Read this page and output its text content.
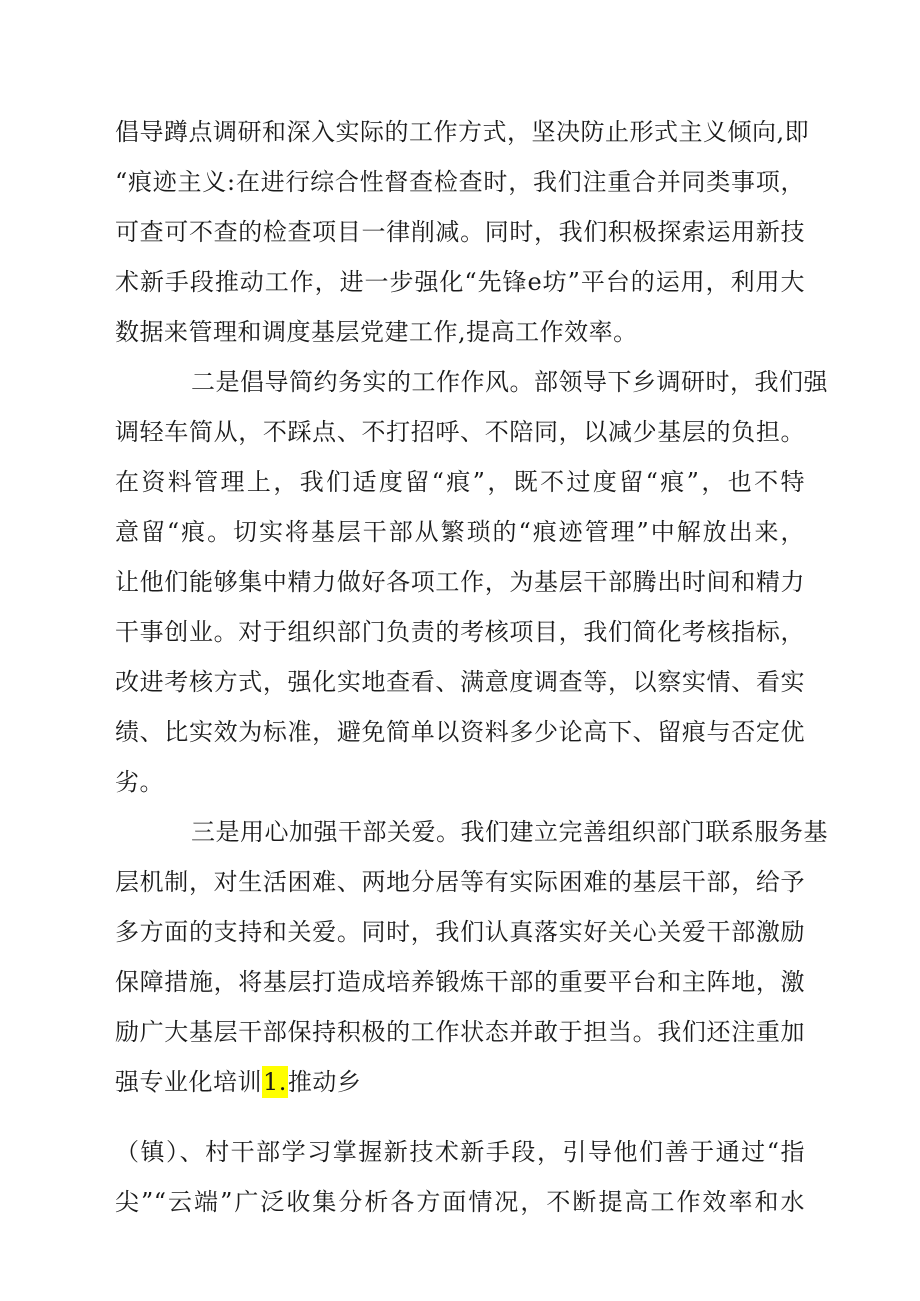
倡导蹲点调研和深入实际的工作方式，坚决防止形式主义倾向,即
“痕迹主义:在进行综合性督查检查时，我们注重合并同类事项，
可查可不查的检查项目一律削减。同时，我们积极探索运用新技
术新手段推动工作，进一步强化“先锋e坊”平台的运用，利用大
数据来管理和调度基层党建工作,提高工作效率。
二是倡导简约务实的工作作风。部领导下乡调研时，我们强
调轻车简从，不踩点、不打招呼、不陪同，以减少基层的负担。
在资料管理上，我们适度留“痕”，既不过度留“痕”，也不特
意留“痕。切实将基层干部从繁琐的“痕迹管理”中解放出来，
让他们能够集中精力做好各项工作，为基层干部腾出时间和精力
干事创业。对于组织部门负责的考核项目，我们简化考核指标，
改进考核方式，强化实地查看、满意度调查等，以察实情、看实
绩、比实效为标准，避免简单以资料多少论高下、留痕与否定优
劣。
三是用心加强干部关爱。我们建立完善组织部门联系服务基
层机制，对生活困难、两地分居等有实际困难的基层干部，给予
多方面的支持和关爱。同时，我们认真落实好关心关爱干部激励
保障措施，将基层打造成培养锻炼干部的重要平台和主阵地，激
励广大基层干部保持积极的工作状态并敢于担当。我们还注重加
强专业化培训1.推动乡
（镇）、村干部学习掌握新技术新手段，引导他们善于通过“指
尖”“云端”广泛收集分析各方面情况，不断提高工作效率和水
